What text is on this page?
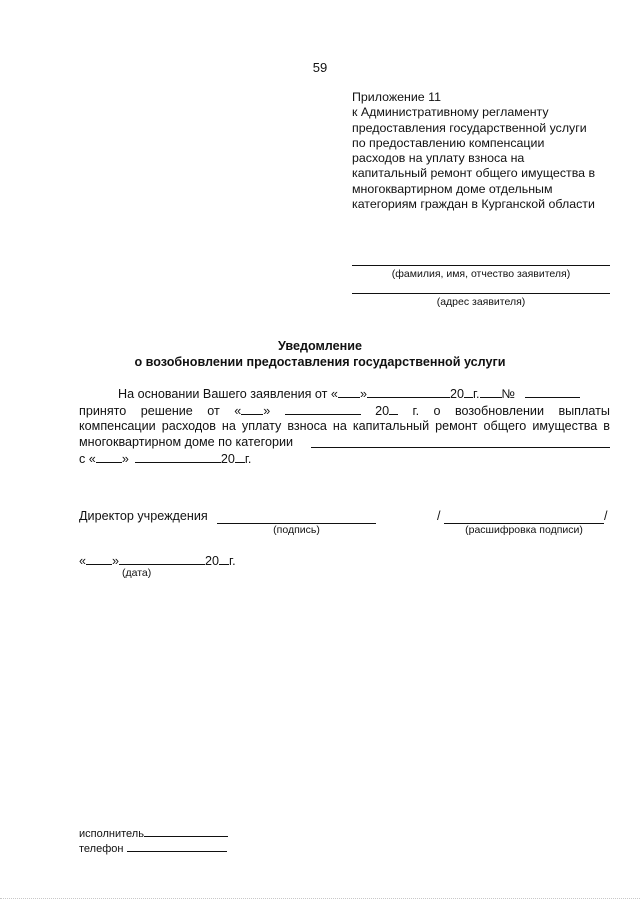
59
Приложение 11
к Административному регламенту
предоставления государственной услуги
по предоставлению компенсации
расходов на уплату взноса на
капитальный ремонт общего имущества в
многоквартирном доме отдельным
категориям граждан в Курганской области
(фамилия, имя, отчество заявителя)
(адрес заявителя)
Уведомление
о возобновлении предоставления государственной услуги
На основании Вашего заявления от « »	20 г. №
принято решение от « »	20	г. о возобновлении выплаты
компенсации расходов на уплату взноса на капитальный ремонт общего имущества в
многоквартирном доме по категории
с « »	20 г.
Директор учреждения
(подпись)
/	/
(расшифровка подписи)
« »	20 г.
(дата)
исполнитель
телефон
